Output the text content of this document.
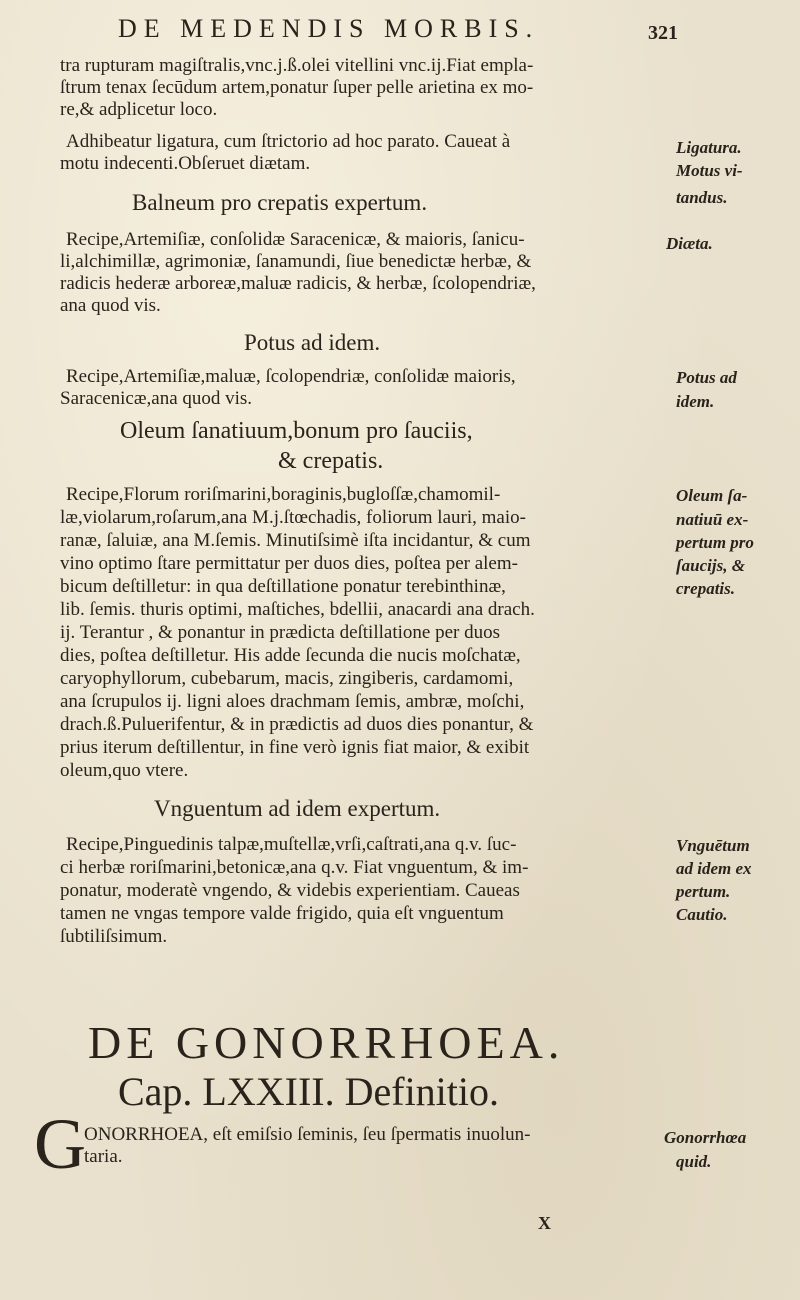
DE MEDENDIS MORBIS.	321
tra rupturam magiſtralis,vnc.j.ß.olei vitellini vnc.ij.Fiat empla-
ſtrum tenax ſecūdum artem,ponatur ſuper pelle arietina ex mo-
re,& adplicetur loco.
Adhibeatur ligatura, cum ſtrictorio ad hoc parato. Caueat à
motu indecenti.Obſeruet diætam.
Balneum pro crepatis expertum.
Recipe,Artemiſiæ, conſolidæ Saracenicæ, & maioris, ſanicu-
li,alchimillæ, agrimoniæ, ſanamundi, ſiue benedictæ herbæ, &
radicis hederæ arboreæ,maluæ radicis, & herbæ, ſcolopendriæ,
ana quod vis.
Potus ad idem.
Recipe,Artemiſiæ,maluæ, ſcolopendriæ, conſolidæ maioris,
Saracenicæ,ana quod vis.
Oleum ſanatiuum,bonum pro ſauciis,
& crepatis.
Recipe,Florum roriſmarini,boraginis,bugloſſæ,chamomil-
læ,violarum,roſarum,ana M.j.ſtœchadis, foliorum lauri, maio-
ranæ, ſaluiæ, ana M.ſemis. Minutiſsimè iſta incidantur, & cum
vino optimo ſtare permittatur per duos dies, poſtea per alem-
bicum deſtilletur: in qua deſtillatione ponatur terebinthinæ,
lib. ſemis. thuris optimi, maſtiches, bdellii, anacardi ana drach.
ij. Terantur , & ponantur in prædicta deſtillatione per duos
dies, poſtea deſtilletur. His adde ſecunda die nucis moſchatæ,
caryophyllorum, cubebarum, macis, zingiberis, cardamomi,
ana ſcrupulos ij. ligni aloes drachmam ſemis, ambræ, moſchi,
drach.ß.Puluerifentur, & in prædictis ad duos dies ponantur, &
prius iterum deſtillentur, in fine verò ignis fiat maior, & exibit
oleum,quo vtere.
Vnguentum ad idem expertum.
Recipe,Pinguedinis talpæ,muſtellæ,vrſi,caſtrati,ana q.v. ſuc-
ci herbæ roriſmarini,betonicæ,ana q.v. Fiat vnguentum, & im-
ponatur, moderatè vngendo, & videbis experientiam. Caueas
tamen ne vngas tempore valde frigido, quia eſt vnguentum
ſubtiliſsimum.
DE GONORRHOEA.
Cap. LXXIII. Definitio.
G
ONORRHOEA, eſt emiſsio ſeminis, ſeu ſpermatis inuolun-
taria.
Ligatura.
Motus vi-
tandus.
Diæta.
Potus ad
idem.
Oleum ſa-
natiuū ex-
pertum pro
ſaucijs, &
crepatis.
Vnguētum
ad idem ex
pertum.
Cautio.
Gonorrhœa
quid.
X
